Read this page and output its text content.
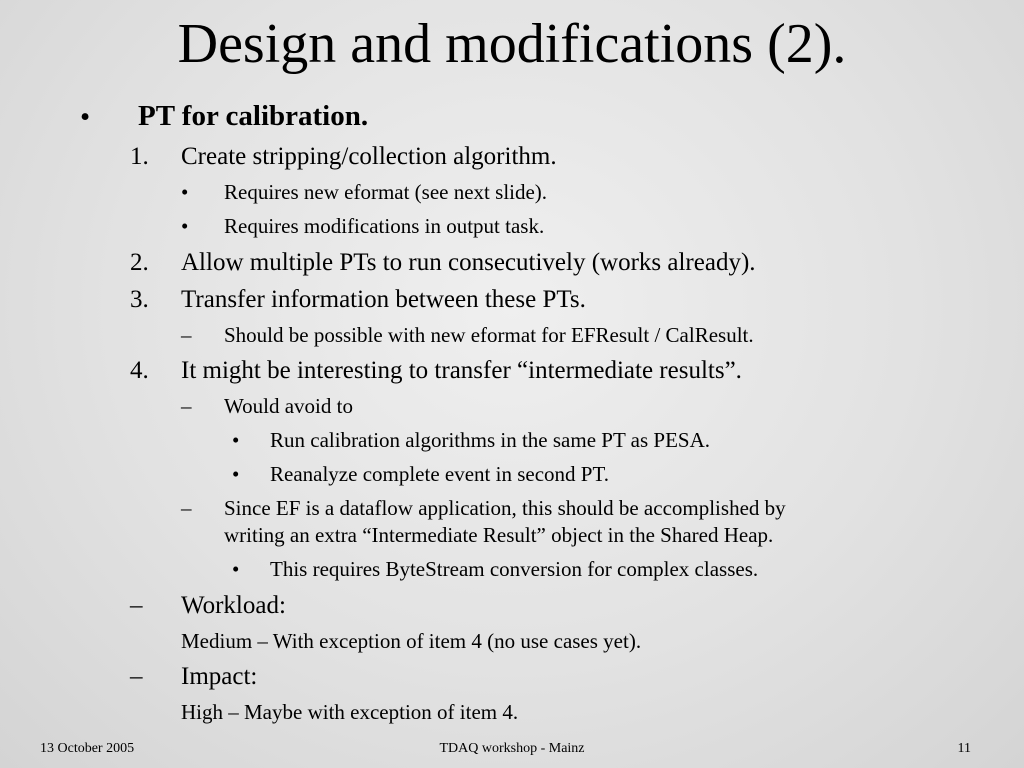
Design and modifications (2).
• PT for calibration.
1. Create stripping/collection algorithm.
• Requires new eformat (see next slide).
• Requires modifications in output task.
2. Allow multiple PTs to run consecutively (works already).
3. Transfer information between these PTs.
– Should be possible with new eformat for EFResult / CalResult.
4. It might be interesting to transfer “intermediate results”.
– Would avoid to
• Run calibration algorithms in the same PT as PESA.
• Reanalyze complete event in second PT.
– Since EF is a dataflow application, this should be accomplished by
writing an extra “Intermediate Result” object in the Shared Heap.
• This requires ByteStream conversion for complex classes.
– Workload:
Medium – With exception of item 4 (no use cases yet).
– Impact:
High – Maybe with exception of item 4.
13 October 2005	TDAQ workshop - Mainz	11
